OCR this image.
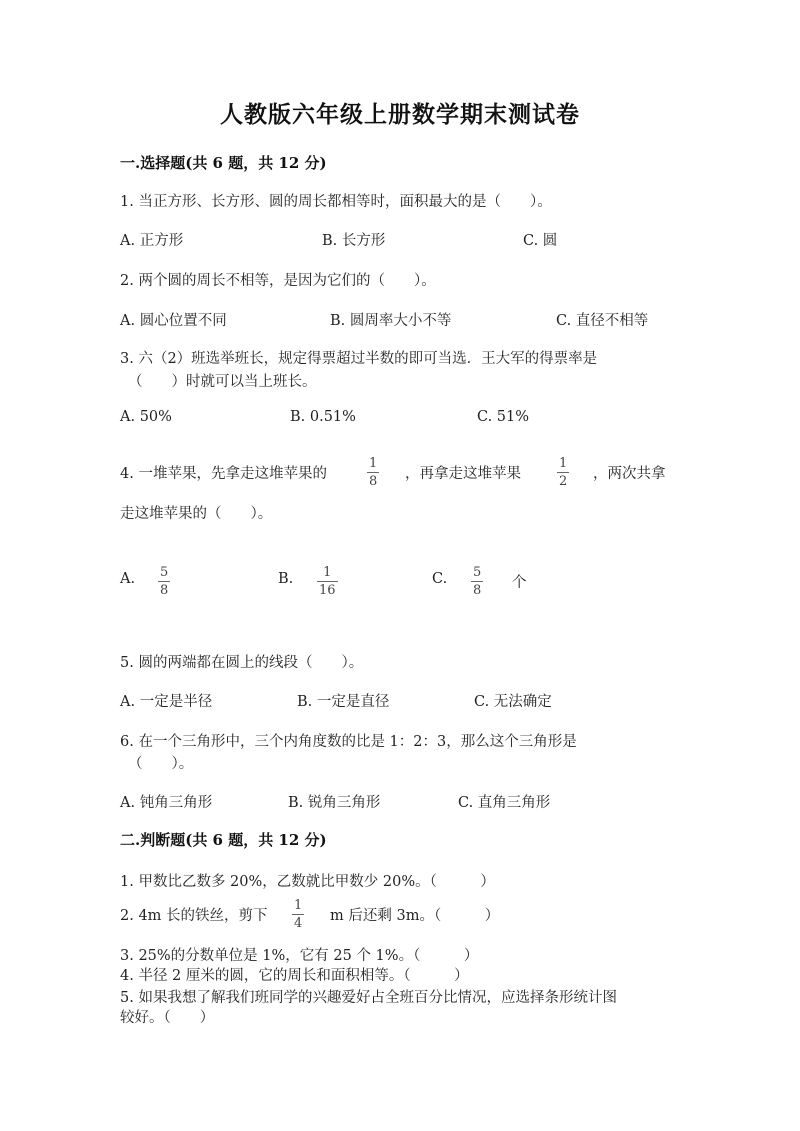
人教版六年级上册数学期末测试卷
一.选择题(共 6 题，共 12 分)
1. 当正方形、长方形、圆的周长都相等时，面积最大的是（　　）。
A. 正方形	B. 长方形	C. 圆
2. 两个圆的周长不相等，是因为它们的（　　）。
A. 圆心位置不同	B. 圆周率大小不等	C. 直径不相等
3. 六（2）班选举班长，规定得票超过半数的即可当选．王大军的得票率是
（　　）时就可以当上班长。
A. 50%	B. 0.51%	C. 51%
4. 一堆苹果，先拿走这堆苹果的
1
8 ，再拿走这堆苹果
1
2 ，两次共拿
走这堆苹果的（　　）。
A. 5
8
B. 1
16
C. 5
8 个
5. 圆的两端都在圆上的线段（　　）。
A. 一定是半径	B. 一定是直径	C. 无法确定
6. 在一个三角形中，三个内角度数的比是 1：2：3，那么这个三角形是
（　　）。
A. 钝角三角形	B. 锐角三角形	C. 直角三角形
二.判断题(共 6 题，共 12 分)
1. 甲数比乙数多 20%，乙数就比甲数少 20%。（　　　）
2. 4m 长的铁丝，剪下
1
4 m 后还剩 3m。（　　　）
3. 25%的分数单位是 1%，它有 25 个 1%。（　　　）
4. 半径 2 厘米的圆，它的周长和面积相等。（　　　）
5. 如果我想了解我们班同学的兴趣爱好占全班百分比情况，应选择条形统计图
较好。（　　）
